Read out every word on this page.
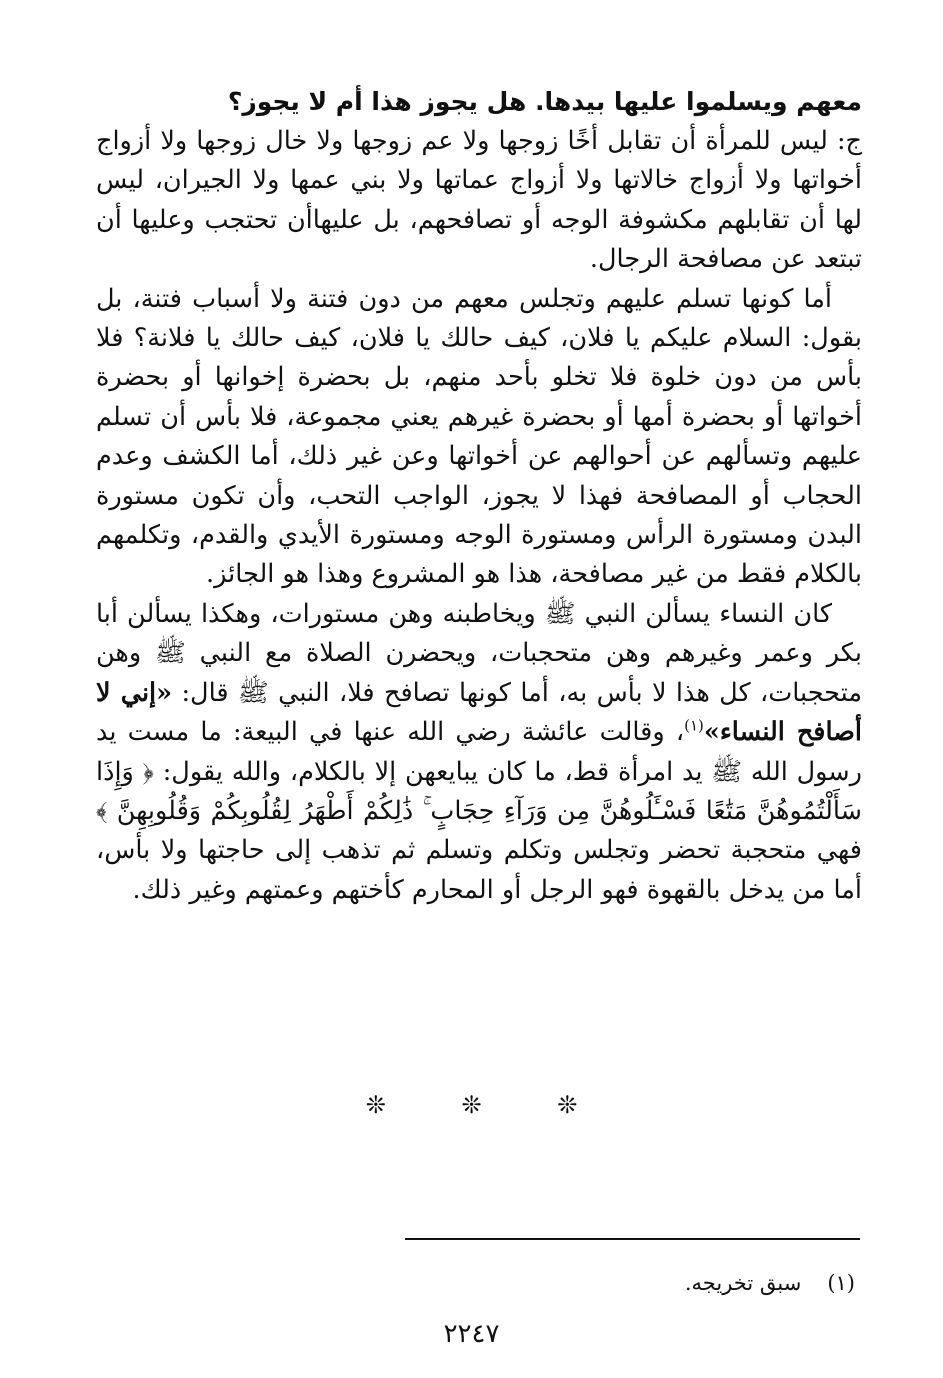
معهم ويسلموا عليها بيدها. هل يجوز هذا أم لا يجوز؟

ج: ليس للمرأة أن تقابل أخًا زوجها ولا عم زوجها ولا خال زوجها ولا أزواج أخواتها ولا أزواج خالاتها ولا أزواج عماتها ولا بني عمها ولا الجيران، ليس لها أن تقابلهم مكشوفة الوجه أو تصافحهم، بل عليهاأن تحتجب وعليها أن تبتعد عن مصافحة الرجال.

أما كونها تسلم عليهم وتجلس معهم من دون فتنة ولا أسباب فتنة، بل بقول: السلام عليكم يا فلان، كيف حالك يا فلان، كيف حالك يا فلانة؟ فلا بأس من دون خلوة فلا تخلو بأحد منهم، بل بحضرة إخوانها أو بحضرة أخواتها أو بحضرة أمها أو بحضرة غيرهم يعني مجموعة، فلا بأس أن تسلم عليهم وتسألهم عن أحوالهم عن أخواتها وعن غير ذلك، أما الكشف وعدم الحجاب أو المصافحة فهذا لا يجوز، الواجب التحب، وأن تكون مستورة البدن ومستورة الرأس ومستورة الوجه ومستورة الأيدي والقدم، وتكلمهم بالكلام فقط من غير مصافحة، هذا هو المشروع وهذا هو الجائز.

كان النساء يسألن النبي ﷺ ويخاطبنه وهن مستورات، وهكذا يسألن أبا بكر وعمر وغيرهم وهن متحجبات، ويحضرن الصلاة مع النبي ﷺ وهن متحجبات، كل هذا لا بأس به، أما كونها تصافح فلا، النبي ﷺ قال: «إني لا أصافح النساء»$^{(١)}$، وقالت عائشة رضي الله عنها في البيعة: ما مست يد رسول الله ﷺ يد امرأة قط، ما كان يبايعهن إلا بالكلام، والله يقول: ﴿ وَإِذَا سَأَلْتُمُوهُنَّ مَتَٰعًا فَسْـَٔلُوهُنَّ مِن وَرَآءِ حِجَابٍ ۚ ذَٰلِكُمْ أَطْهَرُ لِقُلُوبِكُمْ وَقُلُوبِهِنَّ ﴾ فهي متحجبة تحضر وتجلس وتكلم وتسلم ثم تذهب إلى حاجتها ولا بأس، أما من يدخل بالقهوة فهو الرجل أو المحارم كأختهم وعمتهم وغير ذلك.

❊	❊	❊
(١)سبق تخريجه.
٢٢٤٧
